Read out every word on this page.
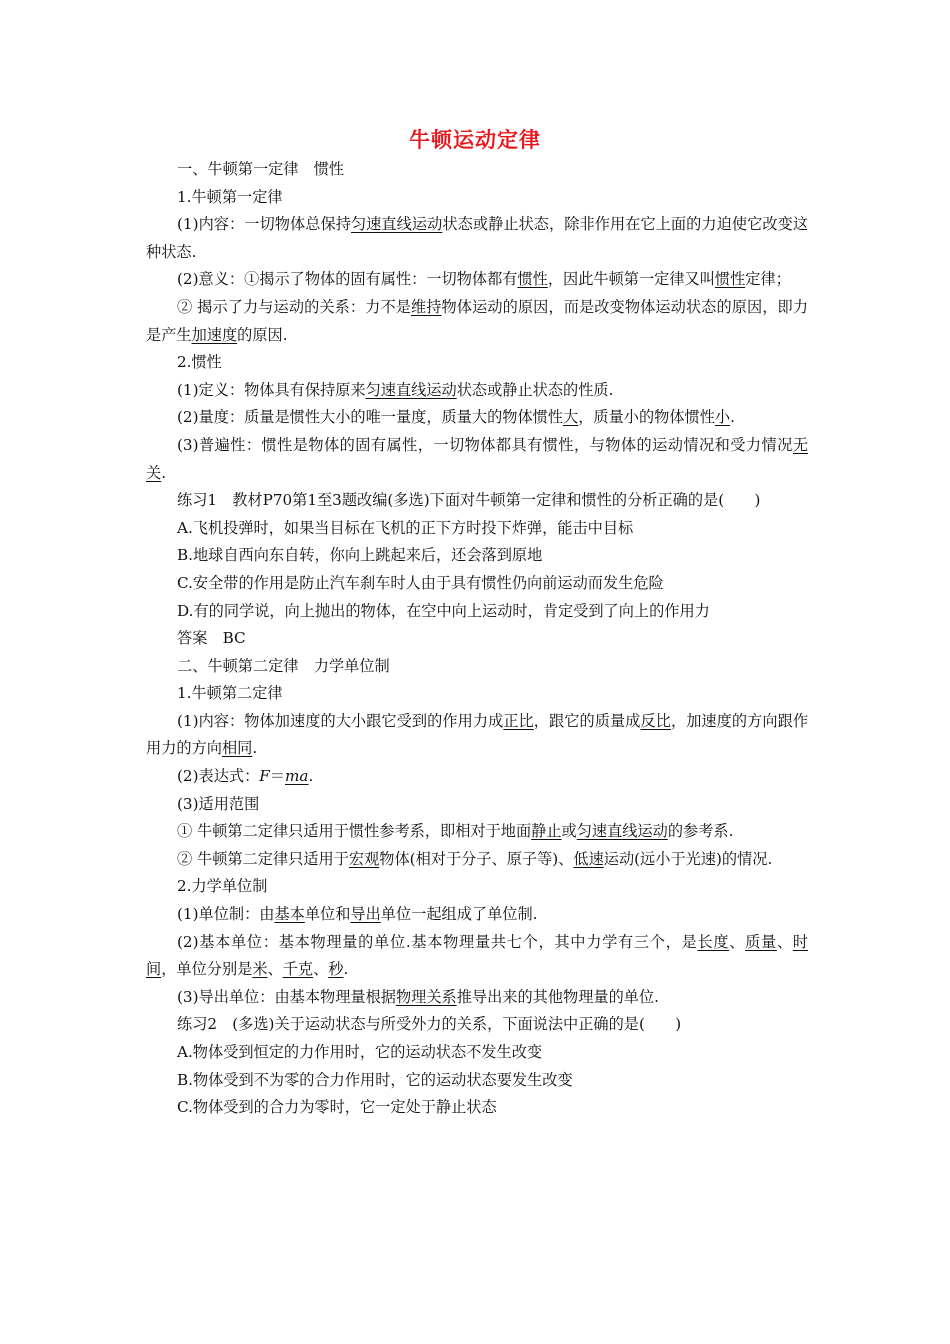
牛顿运动定律

一、牛顿第一定律　惯性

1.牛顿第一定律

(1)内容：一切物体总保持匀速直线运动状态或静止状态，除非作用在它上面的力迫使它改变这种状态.

(2)意义：①揭示了物体的固有属性：一切物体都有惯性，因此牛顿第一定律又叫惯性定律；

② 揭示了力与运动的关系：力不是维持物体运动的原因，而是改变物体运动状态的原因，即力是产生加速度的原因.

2.惯性

(1)定义：物体具有保持原来匀速直线运动状态或静止状态的性质.

(2)量度：质量是惯性大小的唯一量度，质量大的物体惯性大，质量小的物体惯性小.

(3)普遍性：惯性是物体的固有属性，一切物体都具有惯性，与物体的运动情况和受力情况无关.

练习1　教材P70第1至3题改编(多选)下面对牛顿第一定律和惯性的分析正确的是(　　)

A.飞机投弹时，如果当目标在飞机的正下方时投下炸弹，能击中目标

B.地球自西向东自转，你向上跳起来后，还会落到原地

C.安全带的作用是防止汽车刹车时人由于具有惯性仍向前运动而发生危险

D.有的同学说，向上抛出的物体，在空中向上运动时，肯定受到了向上的作用力

答案　BC

二、牛顿第二定律　力学单位制

1.牛顿第二定律

(1)内容：物体加速度的大小跟它受到的作用力成正比，跟它的质量成反比，加速度的方向跟作用力的方向相同.

(2)表达式：F＝ma.

(3)适用范围

① 牛顿第二定律只适用于惯性参考系，即相对于地面静止或匀速直线运动的参考系.

② 牛顿第二定律只适用于宏观物体(相对于分子、原子等)、低速运动(远小于光速)的情况.

2.力学单位制

(1)单位制：由基本单位和导出单位一起组成了单位制.

(2)基本单位：基本物理量的单位.基本物理量共七个，其中力学有三个，是长度、质量、时间，单位分别是米、千克、秒.

(3)导出单位：由基本物理量根据物理关系推导出来的其他物理量的单位.

练习2　(多选)关于运动状态与所受外力的关系，下面说法中正确的是(　　)

A.物体受到恒定的力作用时，它的运动状态不发生改变

B.物体受到不为零的合力作用时，它的运动状态要发生改变

C.物体受到的合力为零时，它一定处于静止状态
